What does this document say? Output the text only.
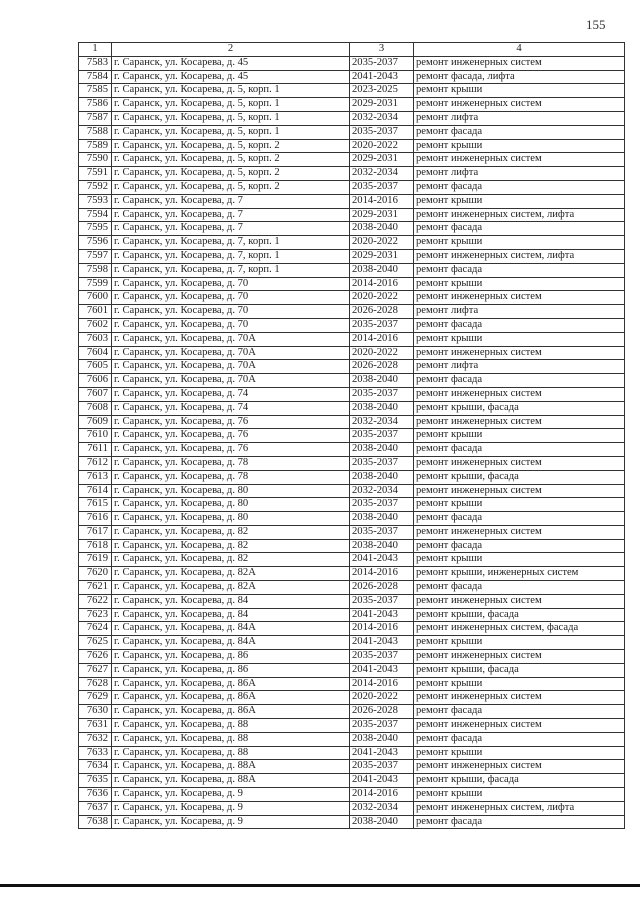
155
1	2	3	4
7583	г. Саранск, ул. Косарева, д. 45	2035-2037	ремонт инженерных систем
7584	г. Саранск, ул. Косарева, д. 45	2041-2043	ремонт фасада, лифта
7585	г. Саранск, ул. Косарева, д. 5, корп. 1	2023-2025	ремонт крыши
7586	г. Саранск, ул. Косарева, д. 5, корп. 1	2029-2031	ремонт инженерных систем
7587	г. Саранск, ул. Косарева, д. 5, корп. 1	2032-2034	ремонт лифта
7588	г. Саранск, ул. Косарева, д. 5, корп. 1	2035-2037	ремонт фасада
7589	г. Саранск, ул. Косарева, д. 5, корп. 2	2020-2022	ремонт крыши
7590	г. Саранск, ул. Косарева, д. 5, корп. 2	2029-2031	ремонт инженерных систем
7591	г. Саранск, ул. Косарева, д. 5, корп. 2	2032-2034	ремонт лифта
7592	г. Саранск, ул. Косарева, д. 5, корп. 2	2035-2037	ремонт фасада
7593	г. Саранск, ул. Косарева, д. 7	2014-2016	ремонт крыши
7594	г. Саранск, ул. Косарева, д. 7	2029-2031	ремонт инженерных систем, лифта
7595	г. Саранск, ул. Косарева, д. 7	2038-2040	ремонт фасада
7596	г. Саранск, ул. Косарева, д. 7, корп. 1	2020-2022	ремонт крыши
7597	г. Саранск, ул. Косарева, д. 7, корп. 1	2029-2031	ремонт инженерных систем, лифта
7598	г. Саранск, ул. Косарева, д. 7, корп. 1	2038-2040	ремонт фасада
7599	г. Саранск, ул. Косарева, д. 70	2014-2016	ремонт крыши
7600	г. Саранск, ул. Косарева, д. 70	2020-2022	ремонт инженерных систем
7601	г. Саранск, ул. Косарева, д. 70	2026-2028	ремонт лифта
7602	г. Саранск, ул. Косарева, д. 70	2035-2037	ремонт фасада
7603	г. Саранск, ул. Косарева, д. 70А	2014-2016	ремонт крыши
7604	г. Саранск, ул. Косарева, д. 70А	2020-2022	ремонт инженерных систем
7605	г. Саранск, ул. Косарева, д. 70А	2026-2028	ремонт лифта
7606	г. Саранск, ул. Косарева, д. 70А	2038-2040	ремонт фасада
7607	г. Саранск, ул. Косарева, д. 74	2035-2037	ремонт инженерных систем
7608	г. Саранск, ул. Косарева, д. 74	2038-2040	ремонт крыши, фасада
7609	г. Саранск, ул. Косарева, д. 76	2032-2034	ремонт инженерных систем
7610	г. Саранск, ул. Косарева, д. 76	2035-2037	ремонт крыши
7611	г. Саранск, ул. Косарева, д. 76	2038-2040	ремонт фасада
7612	г. Саранск, ул. Косарева, д. 78	2035-2037	ремонт инженерных систем
7613	г. Саранск, ул. Косарева, д. 78	2038-2040	ремонт крыши, фасада
7614	г. Саранск, ул. Косарева, д. 80	2032-2034	ремонт инженерных систем
7615	г. Саранск, ул. Косарева, д. 80	2035-2037	ремонт крыши
7616	г. Саранск, ул. Косарева, д. 80	2038-2040	ремонт фасада
7617	г. Саранск, ул. Косарева, д. 82	2035-2037	ремонт инженерных систем
7618	г. Саранск, ул. Косарева, д. 82	2038-2040	ремонт фасада
7619	г. Саранск, ул. Косарева, д. 82	2041-2043	ремонт крыши
7620	г. Саранск, ул. Косарева, д. 82А	2014-2016	ремонт крыши, инженерных систем
7621	г. Саранск, ул. Косарева, д. 82А	2026-2028	ремонт фасада
7622	г. Саранск, ул. Косарева, д. 84	2035-2037	ремонт инженерных систем
7623	г. Саранск, ул. Косарева, д. 84	2041-2043	ремонт крыши, фасада
7624	г. Саранск, ул. Косарева, д. 84А	2014-2016	ремонт инженерных систем, фасада
7625	г. Саранск, ул. Косарева, д. 84А	2041-2043	ремонт крыши
7626	г. Саранск, ул. Косарева, д. 86	2035-2037	ремонт инженерных систем
7627	г. Саранск, ул. Косарева, д. 86	2041-2043	ремонт крыши, фасада
7628	г. Саранск, ул. Косарева, д. 86А	2014-2016	ремонт крыши
7629	г. Саранск, ул. Косарева, д. 86А	2020-2022	ремонт инженерных систем
7630	г. Саранск, ул. Косарева, д. 86А	2026-2028	ремонт фасада
7631	г. Саранск, ул. Косарева, д. 88	2035-2037	ремонт инженерных систем
7632	г. Саранск, ул. Косарева, д. 88	2038-2040	ремонт фасада
7633	г. Саранск, ул. Косарева, д. 88	2041-2043	ремонт крыши
7634	г. Саранск, ул. Косарева, д. 88А	2035-2037	ремонт инженерных систем
7635	г. Саранск, ул. Косарева, д. 88А	2041-2043	ремонт крыши, фасада
7636	г. Саранск, ул. Косарева, д. 9	2014-2016	ремонт крыши
7637	г. Саранск, ул. Косарева, д. 9	2032-2034	ремонт инженерных систем, лифта
7638	г. Саранск, ул. Косарева, д. 9	2038-2040	ремонт фасада
